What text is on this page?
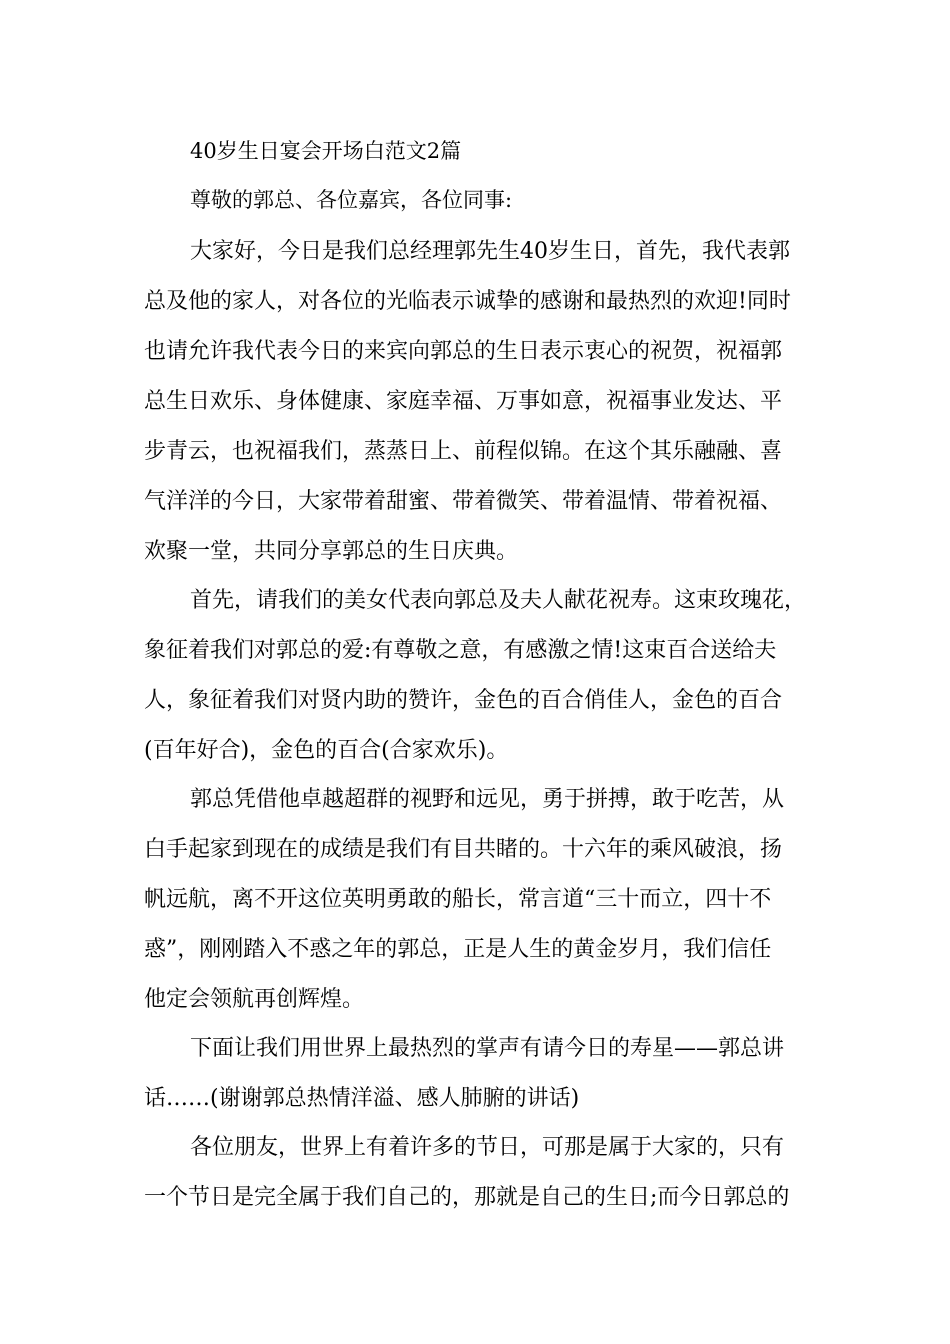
40岁生日宴会开场白范文2篇

尊敬的郭总、各位嘉宾，各位同事:

大家好，今日是我们总经理郭先生40岁生日，首先，我代表郭
总及他的家人，对各位的光临表示诚挚的感谢和最热烈的欢迎!同时
也请允许我代表今日的来宾向郭总的生日表示衷心的祝贺，祝福郭
总生日欢乐、身体健康、家庭幸福、万事如意，祝福事业发达、平
步青云，也祝福我们，蒸蒸日上、前程似锦。在这个其乐融融、喜
气洋洋的今日，大家带着甜蜜、带着微笑、带着温情、带着祝福、
欢聚一堂，共同分享郭总的生日庆典。
首先，请我们的美女代表向郭总及夫人献花祝寿。这束玫瑰花，
象征着我们对郭总的爱:有尊敬之意，有感激之情!这束百合送给夫
人，象征着我们对贤内助的赞许，金色的百合俏佳人，金色的百合
(百年好合)，金色的百合(合家欢乐)。
郭总凭借他卓越超群的视野和远见，勇于拼搏，敢于吃苦，从
白手起家到现在的成绩是我们有目共睹的。十六年的乘风破浪，扬
帆远航，离不开这位英明勇敢的船长，常言道“三十而立，四十不
惑”，刚刚踏入不惑之年的郭总，正是人生的黄金岁月，我们信任
他定会领航再创辉煌。
下面让我们用世界上最热烈的掌声有请今日的寿星——郭总讲
话……(谢谢郭总热情洋溢、感人肺腑的讲话)
各位朋友，世界上有着许多的节日，可那是属于大家的，只有
一个节日是完全属于我们自己的，那就是自己的生日;而今日郭总的
